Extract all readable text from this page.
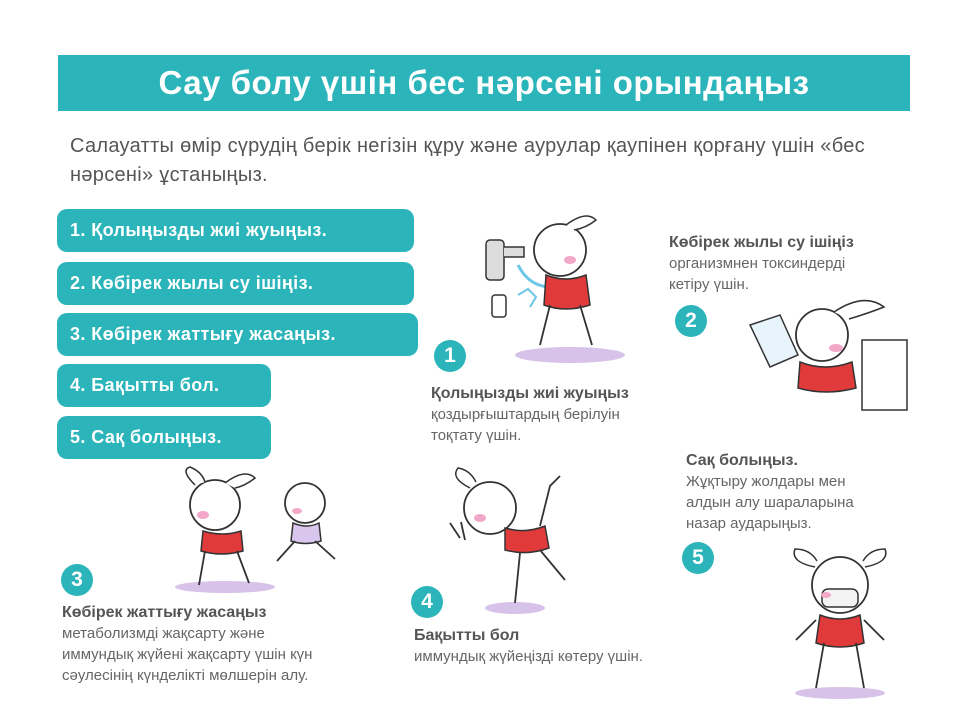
Сау болу үшін бес нәрсені орындаңыз
Салауатты өмір сүрудің берік негізін құру және аурулар қаупінен қорғану үшін «бес нәрсені» ұстаныңыз.
1. Қолыңызды жиі жуыңыз.
2. Көбірек жылы су ішіңіз.
3. Көбірек жаттығу жасаңыз.
4. Бақытты бол.
5. Сақ болыңыз.
1
Қолыңызды жиі жуыңыз
қоздырғыштардың берілуін
тоқтату үшін.
Көбірек жылы су ішіңіз
организмнен токсиндерді
кетіру үшін.
2
3
Көбірек жаттығу жасаңыз
метаболизмді жақсарту және
иммундық жүйені жақсарту үшін күн
сәулесінің күнделікті мөлшерін алу.
4
Бақытты бол
иммундық жүйеңізді көтеру үшін.
Сақ болыңыз.
Жұқтыру жолдары мен
алдын алу шараларына
назар аударыңыз.
5
